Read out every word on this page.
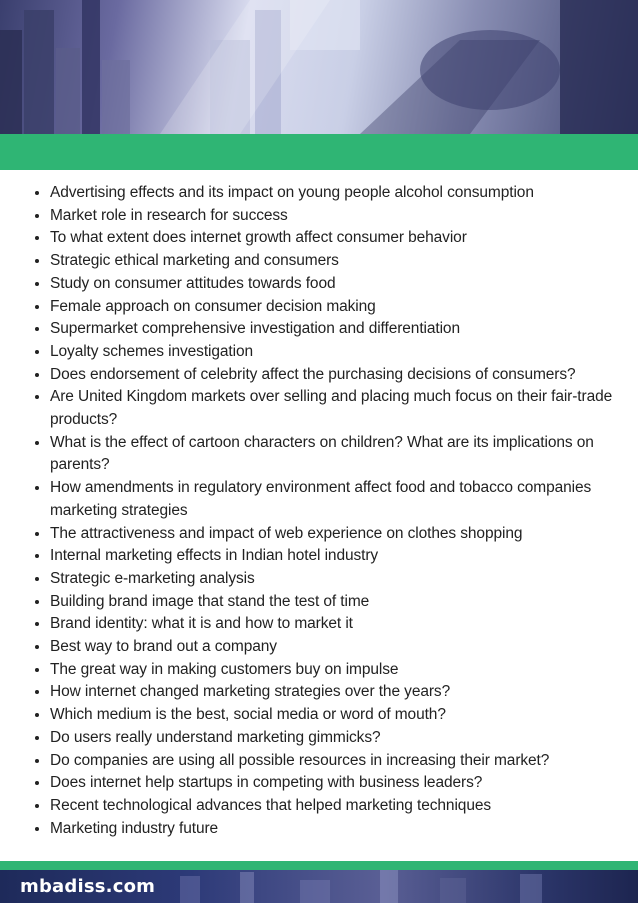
• Advertising effects and its impact on young people alcohol consumption
• Market role in research for success
• To what extent does internet growth affect consumer behavior
• Strategic ethical marketing and consumers
• Study on consumer attitudes towards food
• Female approach on consumer decision making
• Supermarket comprehensive investigation and differentiation
• Loyalty schemes investigation
• Does endorsement of celebrity affect the purchasing decisions of consumers?
• Are United Kingdom markets over selling and placing much focus on their fair-trade products?
• What is the effect of cartoon characters on children? What are its implications on parents?
• How amendments in regulatory environment affect food and tobacco companies marketing strategies
• The attractiveness and impact of web experience on clothes shopping
• Internal marketing effects in Indian hotel industry
• Strategic e-marketing analysis
• Building brand image that stand the test of time
• Brand identity: what it is and how to market it
• Best way to brand out a company
• The great way in making customers buy on impulse
• How internet changed marketing strategies over the years?
• Which medium is the best, social media or word of mouth?
• Do users really understand marketing gimmicks?
• Do companies are using all possible resources in increasing their market?
• Does internet help startups in competing with business leaders?
• Recent technological advances that helped marketing techniques
• Marketing industry future
mbadiss.com
